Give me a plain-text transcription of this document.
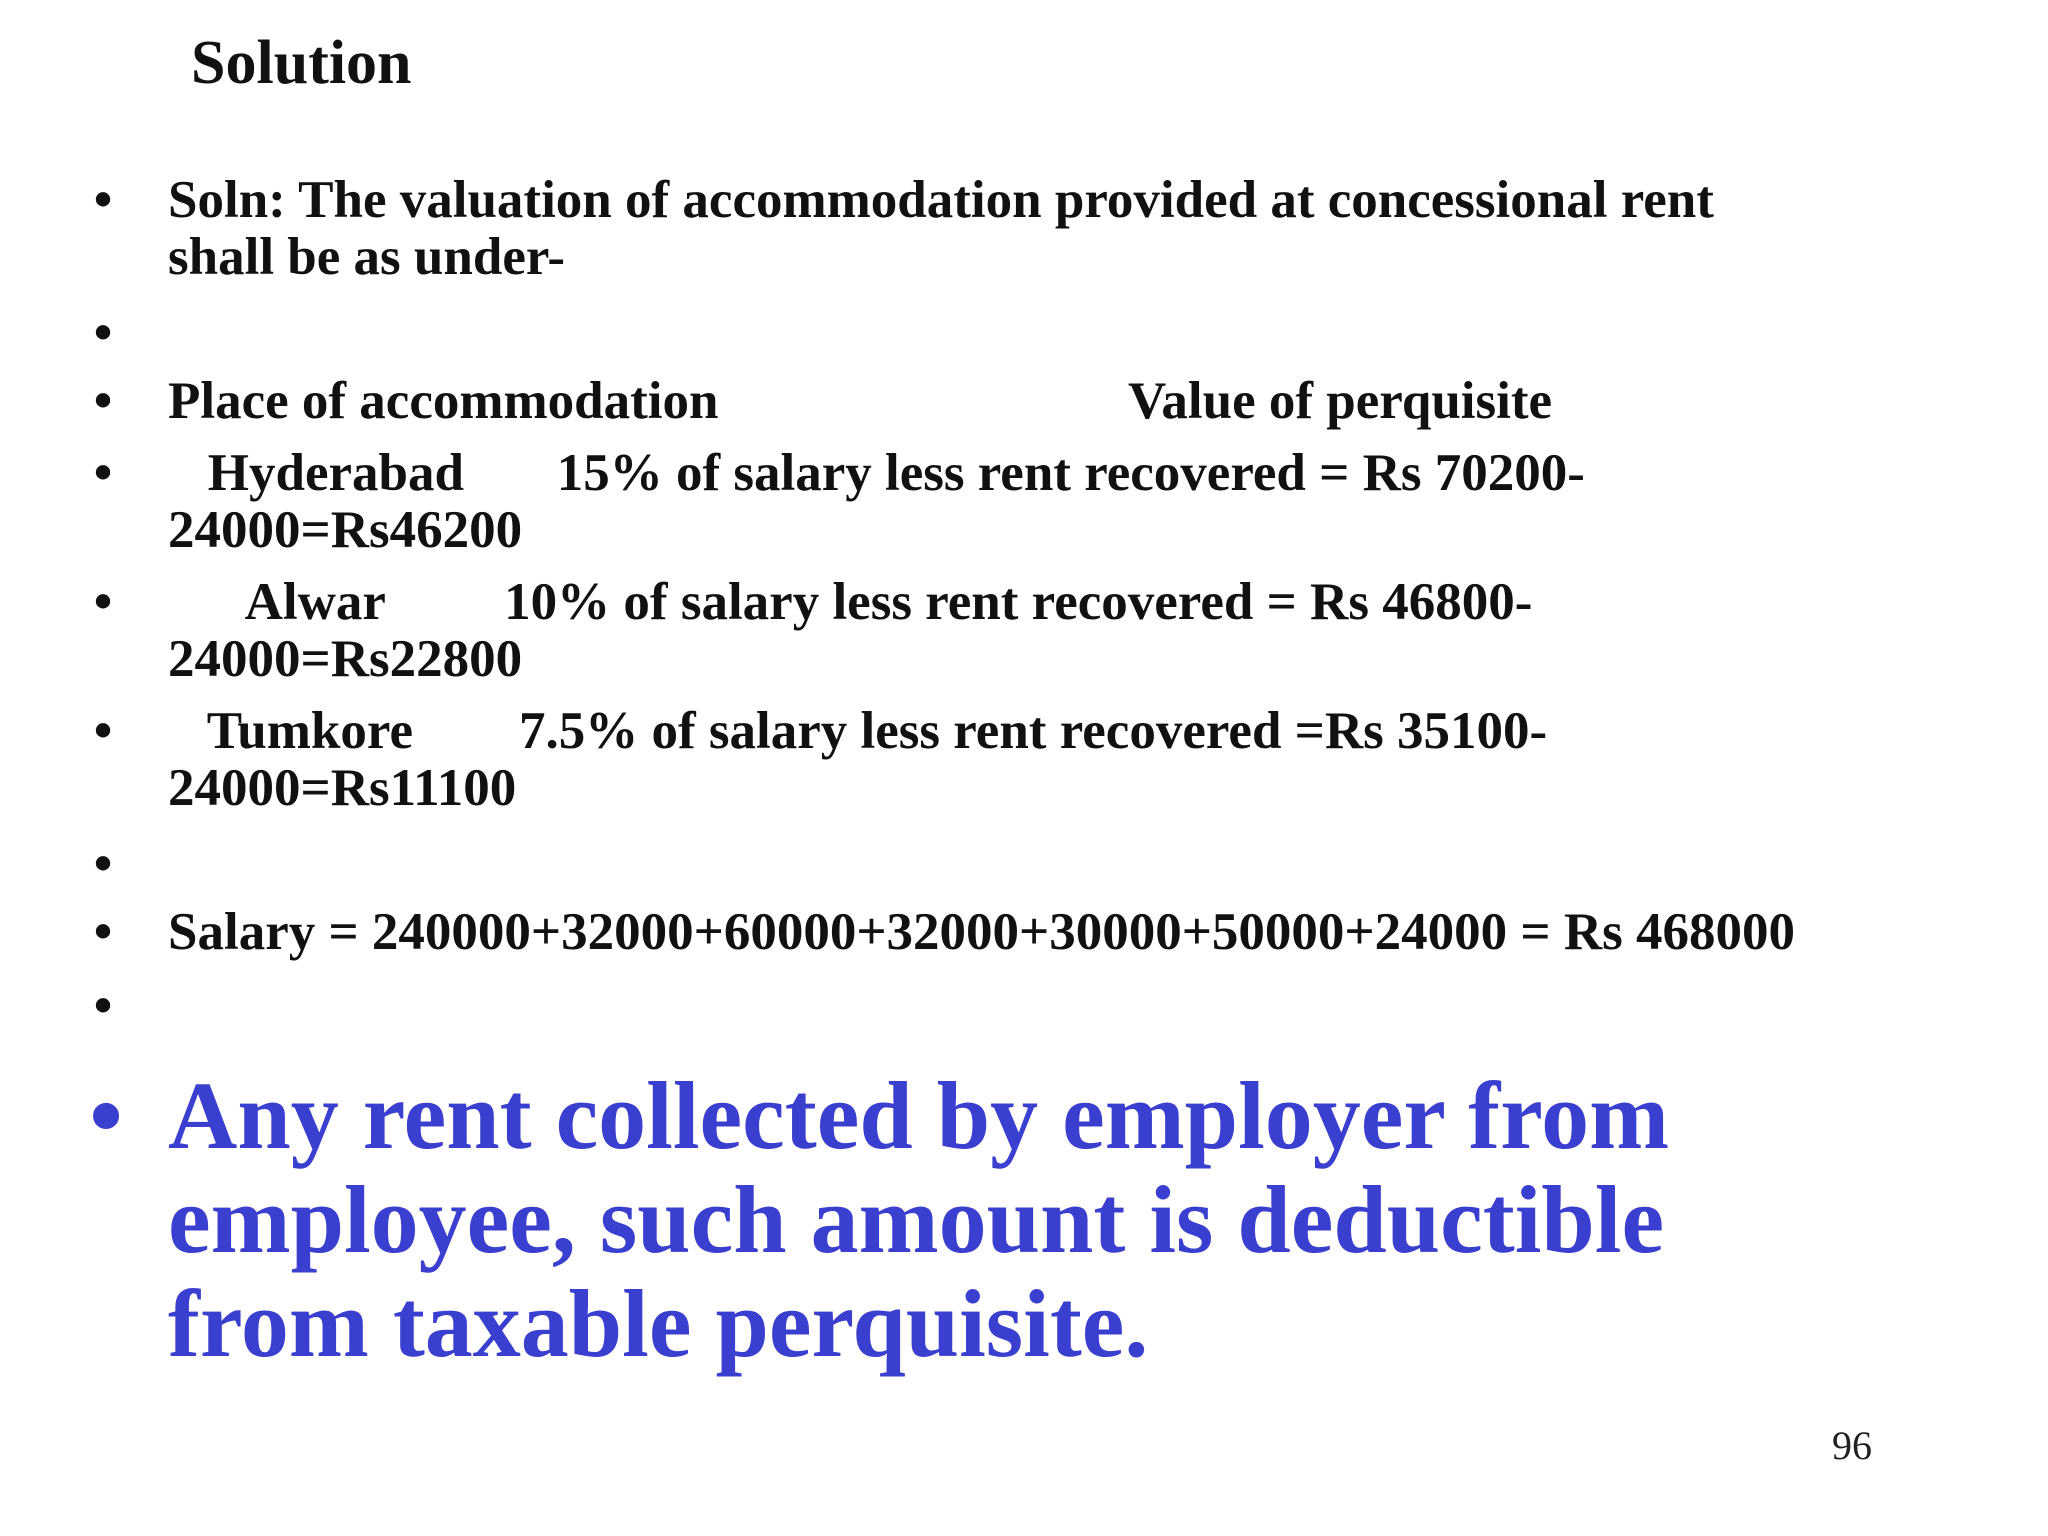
Solution
• Soln: The valuation of accommodation provided at concessional rent
shall be as under-
•
• Place of accommodation	Value of perquisite
• Hyderabad       15% of salary less rent recovered = Rs 70200-
24000=Rs46200
• Alwar         10% of salary less rent recovered = Rs 46800-
24000=Rs22800
• Tumkore        7.5% of salary less rent recovered =Rs 35100-
24000=Rs11100
•
• Salary = 240000+32000+60000+32000+30000+50000+24000 = Rs 468000
•
• Any rent collected by employer from
employee, such amount is deductible
from taxable perquisite.
96
